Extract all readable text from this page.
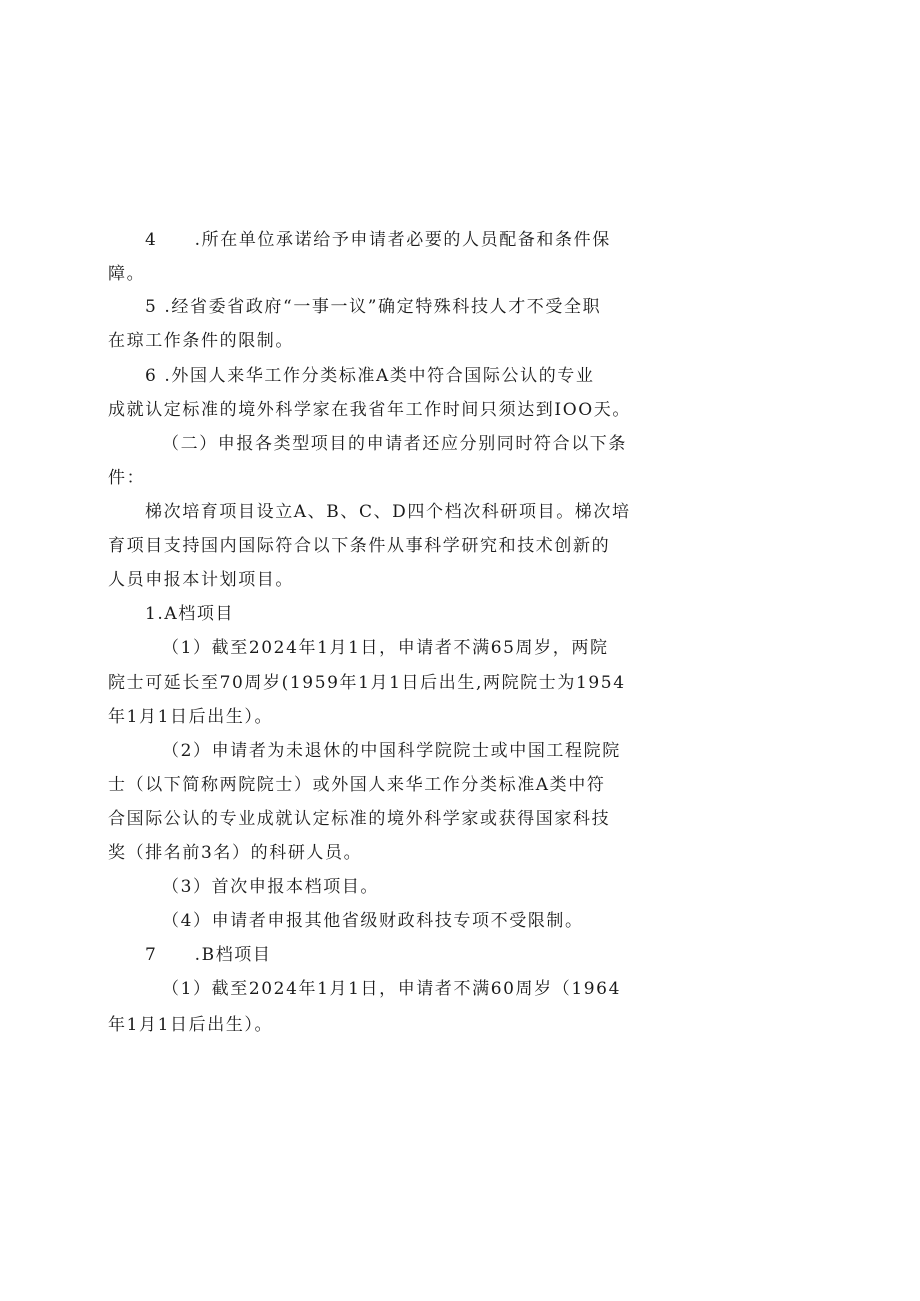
4　　.所在单位承诺给予申请者必要的人员配备和条件保
障。
5 .经省委省政府“一事一议”确定特殊科技人才不受全职
在琼工作条件的限制。
6 .外国人来华工作分类标准A类中符合国际公认的专业
成就认定标准的境外科学家在我省年工作时间只须达到IOO天。
（二）申报各类型项目的申请者还应分别同时符合以下条
件：
梯次培育项目设立A、B、C、D四个档次科研项目。梯次培
育项目支持国内国际符合以下条件从事科学研究和技术创新的
人员申报本计划项目。
1.A档项目
（1）截至2024年1月1日，申请者不满65周岁，两院
院士可延长至70周岁(1959年1月1日后出生,两院院士为1954
年1月1日后出生）。
（2）申请者为未退休的中国科学院院士或中国工程院院
士（以下简称两院院士）或外国人来华工作分类标准A类中符
合国际公认的专业成就认定标准的境外科学家或获得国家科技
奖（排名前3名）的科研人员。
（3）首次申报本档项目。
（4）申请者申报其他省级财政科技专项不受限制。
7　　.B档项目
（1）截至2024年1月1日，申请者不满60周岁（1964
年1月1日后出生）。
